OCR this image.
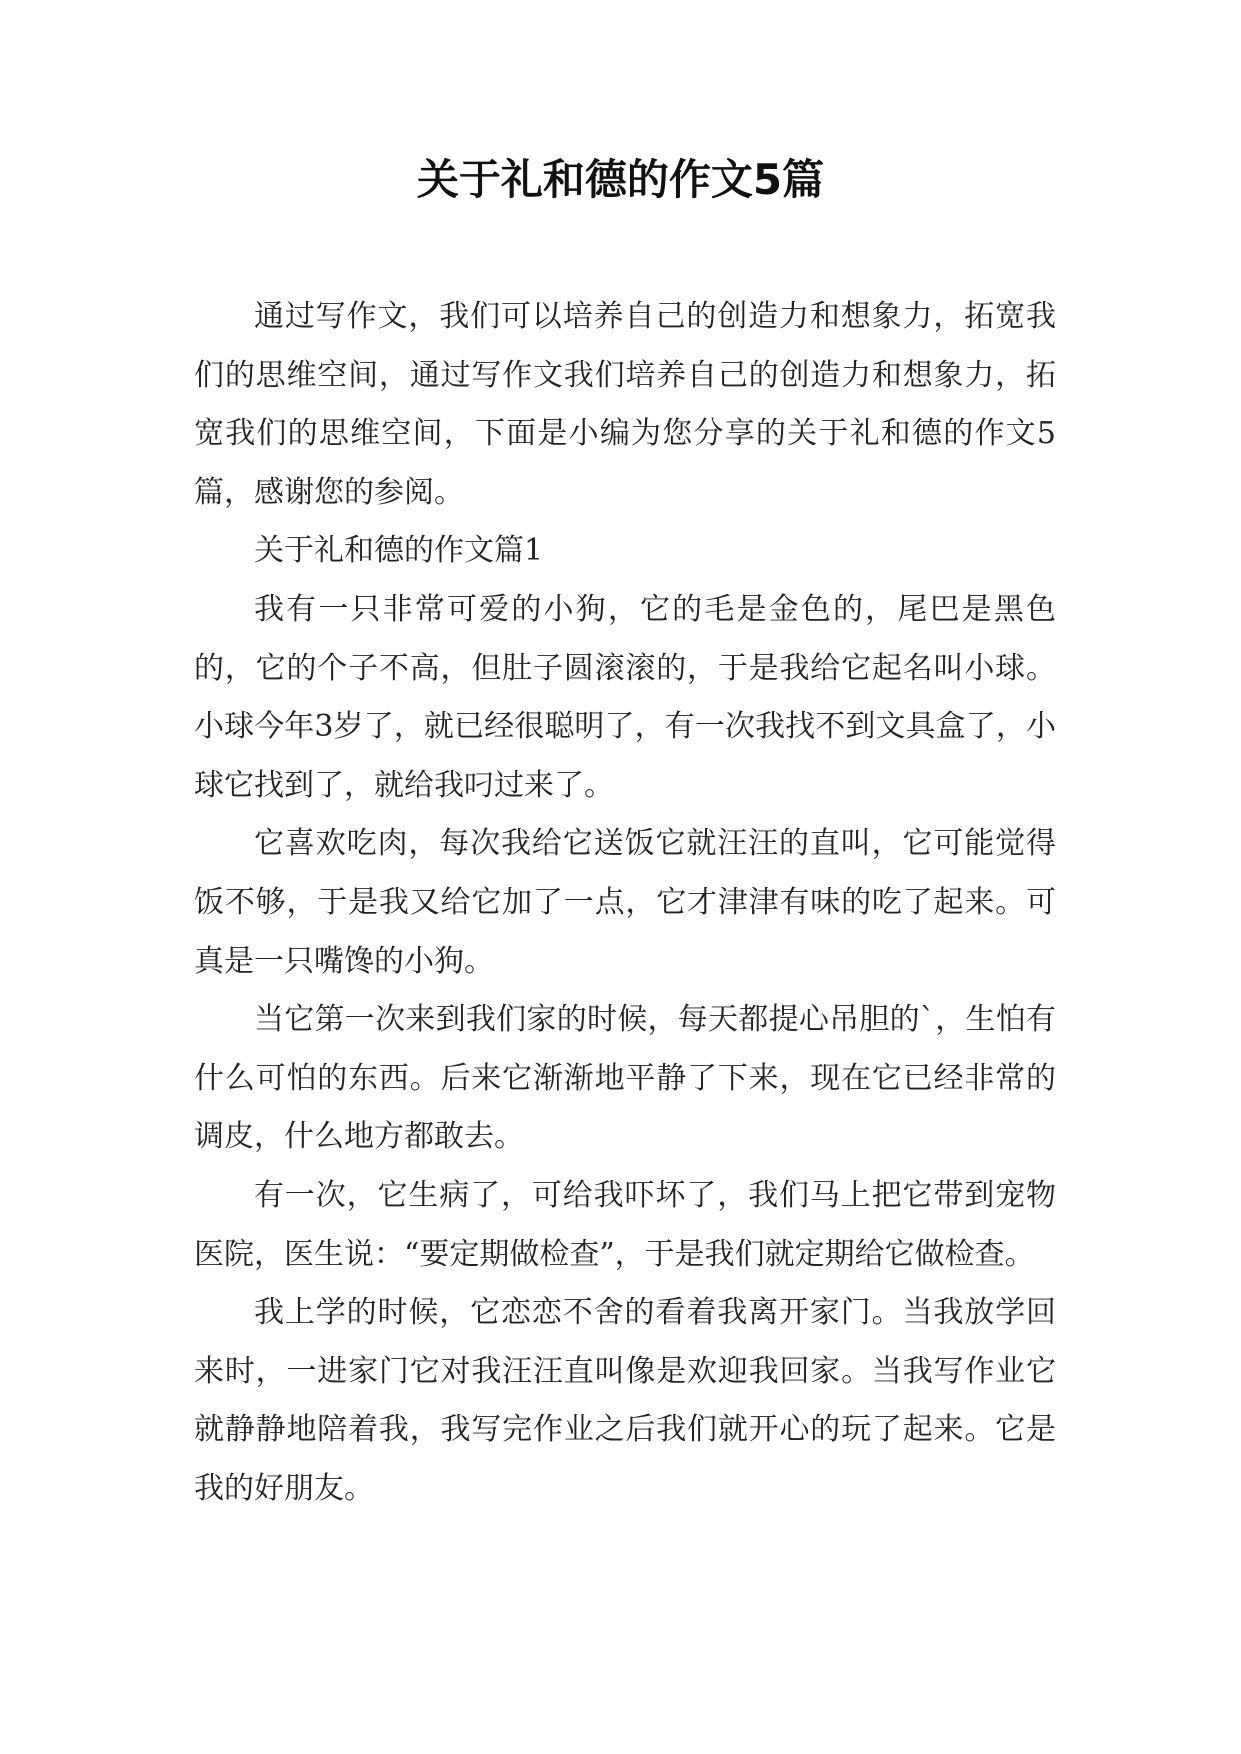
关于礼和德的作文5篇

通过写作文，我们可以培养自己的创造力和想象力，拓宽我们的思维空间，通过写作文我们培养自己的创造力和想象力，拓宽我们的思维空间，下面是小编为您分享的关于礼和德的作文5篇，感谢您的参阅。

关于礼和德的作文篇1

我有一只非常可爱的小狗，它的毛是金色的，尾巴是黑色的，它的个子不高，但肚子圆滚滚的，于是我给它起名叫小球。小球今年3岁了，就已经很聪明了，有一次我找不到文具盒了，小球它找到了，就给我叼过来了。

它喜欢吃肉，每次我给它送饭它就汪汪的直叫，它可能觉得饭不够，于是我又给它加了一点，它才津津有味的吃了起来。可真是一只嘴馋的小狗。

当它第一次来到我们家的时候，每天都提心吊胆的`，生怕有什么可怕的东西。后来它渐渐地平静了下来，现在它已经非常的调皮，什么地方都敢去。

有一次，它生病了，可给我吓坏了，我们马上把它带到宠物医院，医生说：“要定期做检查”，于是我们就定期给它做检查。

我上学的时候，它恋恋不舍的看着我离开家门。当我放学回来时，一进家门它对我汪汪直叫像是欢迎我回家。当我写作业它就静静地陪着我，我写完作业之后我们就开心的玩了起来。它是我的好朋友。
